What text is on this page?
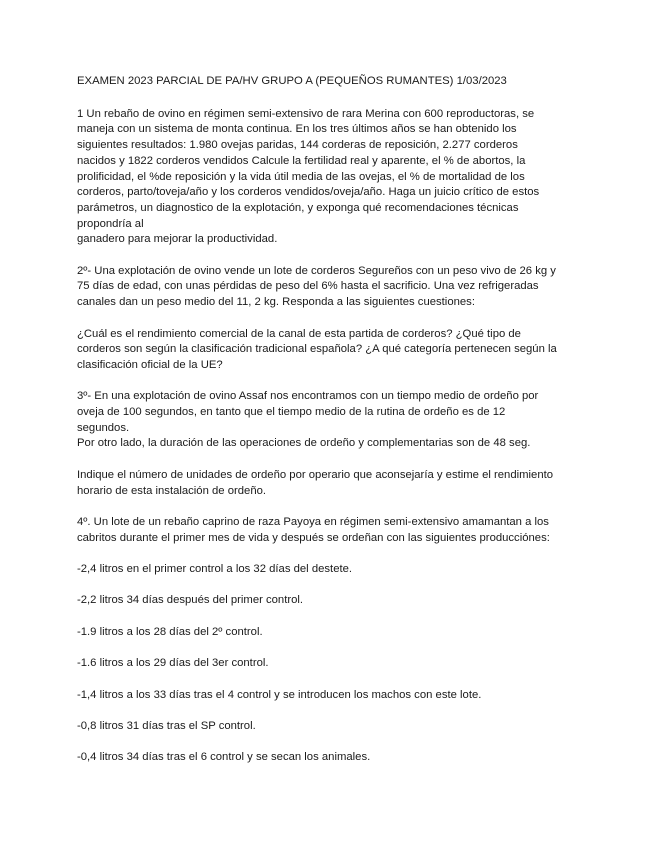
EXAMEN 2023 PARCIAL DE PA/HV GRUPO A (PEQUEÑOS RUMANTES) 1/03/2023
1 Un rebaño de ovino en régimen semi-extensivo de rara Merina con 600 reproductoras, se
maneja con un sistema de monta continua. En los tres últimos años se han obtenido los
siguientes resultados: 1.980 ovejas paridas, 144 corderas de reposición, 2.277 corderos
nacidos y 1822 corderos vendidos Calcule la fertilidad real y aparente, el % de abortos, la
prolificidad, el %de reposición y la vida útil media de las ovejas, el % de mortalidad de los
corderos, parto/toveja/año y los corderos vendidos/oveja/año. Haga un juicio crítico de estos
parámetros, un diagnostico de la explotación, y exponga qué recomendaciones técnicas
propondría al
ganadero para mejorar la productividad.
2º- Una explotación de ovino vende un lote de corderos Segureños con un peso vivo de 26 kg y
75 días de edad, con unas pérdidas de peso del 6% hasta el sacrificio. Una vez refrigeradas
canales dan un peso medio del 11, 2 kg. Responda a las siguientes cuestiones:
¿Cuál es el rendimiento comercial de la canal de esta partida de corderos? ¿Qué tipo de
corderos son según la clasificación tradicional española? ¿A qué categoría pertenecen según la
clasificación oficial de la UE?
3º- En una explotación de ovino Assaf nos encontramos con un tiempo medio de ordeño por
oveja de 100 segundos, en tanto que el tiempo medio de la rutina de ordeño es de 12
segundos.
Por otro lado, la duración de las operaciones de ordeño y complementarias son de 48 seg.
Indique el número de unidades de ordeño por operario que aconsejaría y estime el rendimiento
horario de esta instalación de ordeño.
4º. Un lote de un rebaño caprino de raza Payoya en régimen semi-extensivo amamantan a los
cabritos durante el primer mes de vida y después se ordeñan con las siguientes producciónes:
-2,4 litros en el primer control a los 32 días del destete.
-2,2 litros 34 días después del primer control.
-1.9 litros a los 28 días del 2º control.
-1.6 litros a los 29 días del 3er control.
-1,4 litros a los 33 días tras el 4 control y se introducen los machos con este lote.
-0,8 litros 31 días tras el SP control.
-0,4 litros 34 días tras el 6 control y se secan los animales.
